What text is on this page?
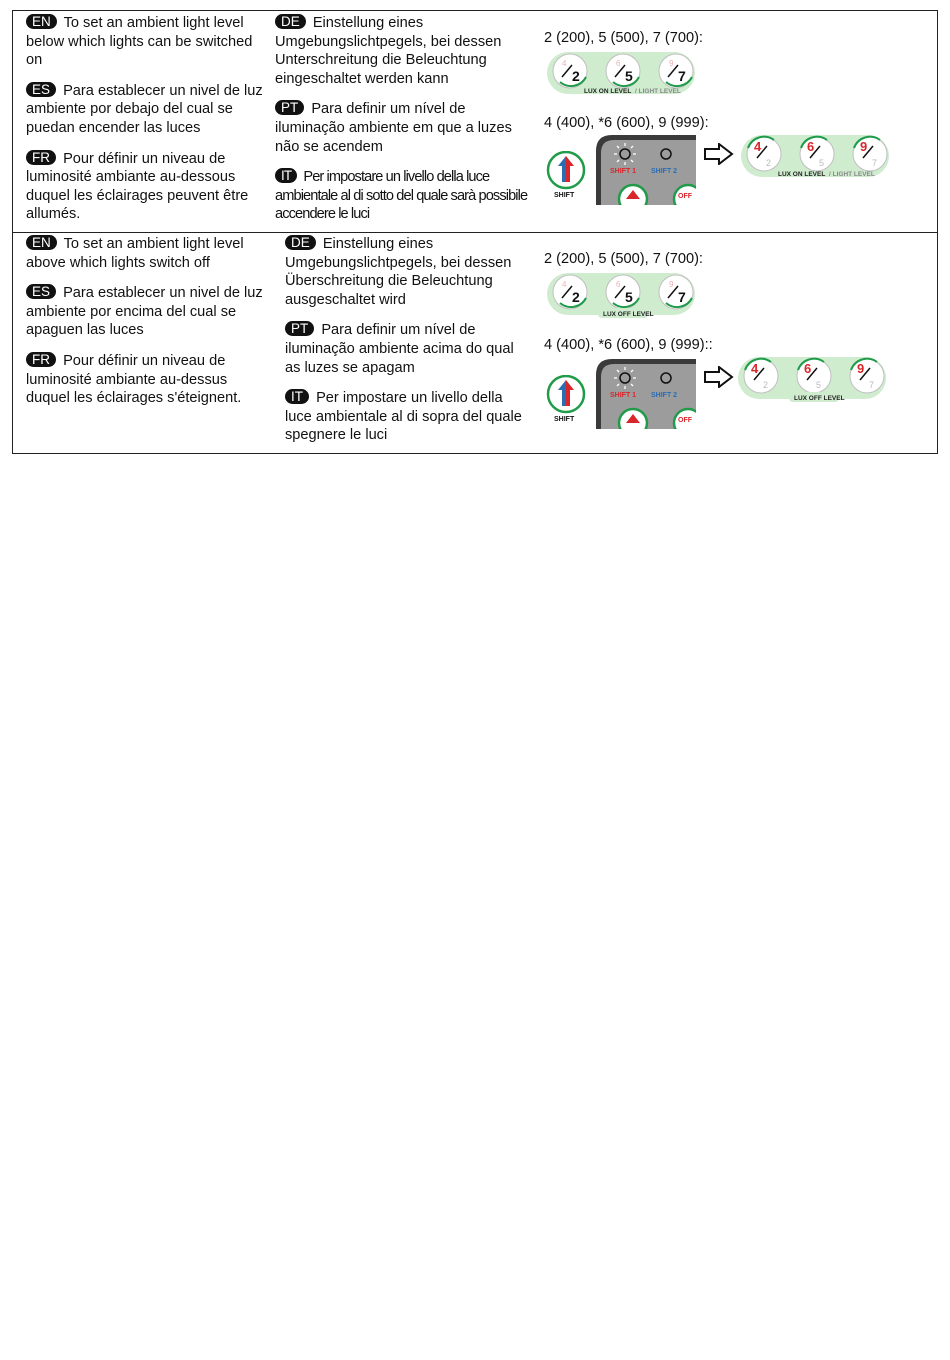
EN To set an ambient light level below which lights can be switched on

ES Para establecer un nivel de luz ambiente por debajo del cual se puedan encender las luces

FR Pour définir un niveau de luminosité ambiante au-dessous duquel les éclairages peuvent être allumés.

DE Einstellung eines Umgebungslichtpegels, bei dessen Unterschreitung die Beleuchtung eingeschaltet werden kann

PT Para definir um nível de iluminação ambiente em que a luzes não se acendem

IT Per impostare un livello della luce ambientale al di sotto del quale sarà possibile accendere le luci

2 (200), 5 (500), 7 (700):
4 (400), *6 (600), 9 (999):
2
4
5
6
7
9
LUX ON LEVEL / LIGHT LEVEL
SHIFT
SHIFT 1 SHIFT 2
OFF
4
2
6
5
9
7
LUX ON LEVEL / LIGHT LEVEL

EN To set an ambient light level above which lights switch off

ES Para establecer un nivel de luz ambiente por encima del cual se apaguen las luces

FR Pour définir un niveau de luminosité ambiante au-dessus duquel les éclairages s'éteignent.

DE Einstellung eines Umgebungslichtpegels, bei dessen Überschreitung die Beleuchtung ausgeschaltet wird

PT Para definir um nível de iluminação ambiente acima do qual as luzes se apagam

IT Per impostare un livello della luce ambientale al di sopra del quale spegnere le luci

2 (200), 5 (500), 7 (700):
4 (400), *6 (600), 9 (999)::
2
4
5
6
7
9
LUX OFF LEVEL
SHIFT
SHIFT 1 SHIFT 2
OFF
4
2
6
5
9
7
LUX OFF LEVEL
